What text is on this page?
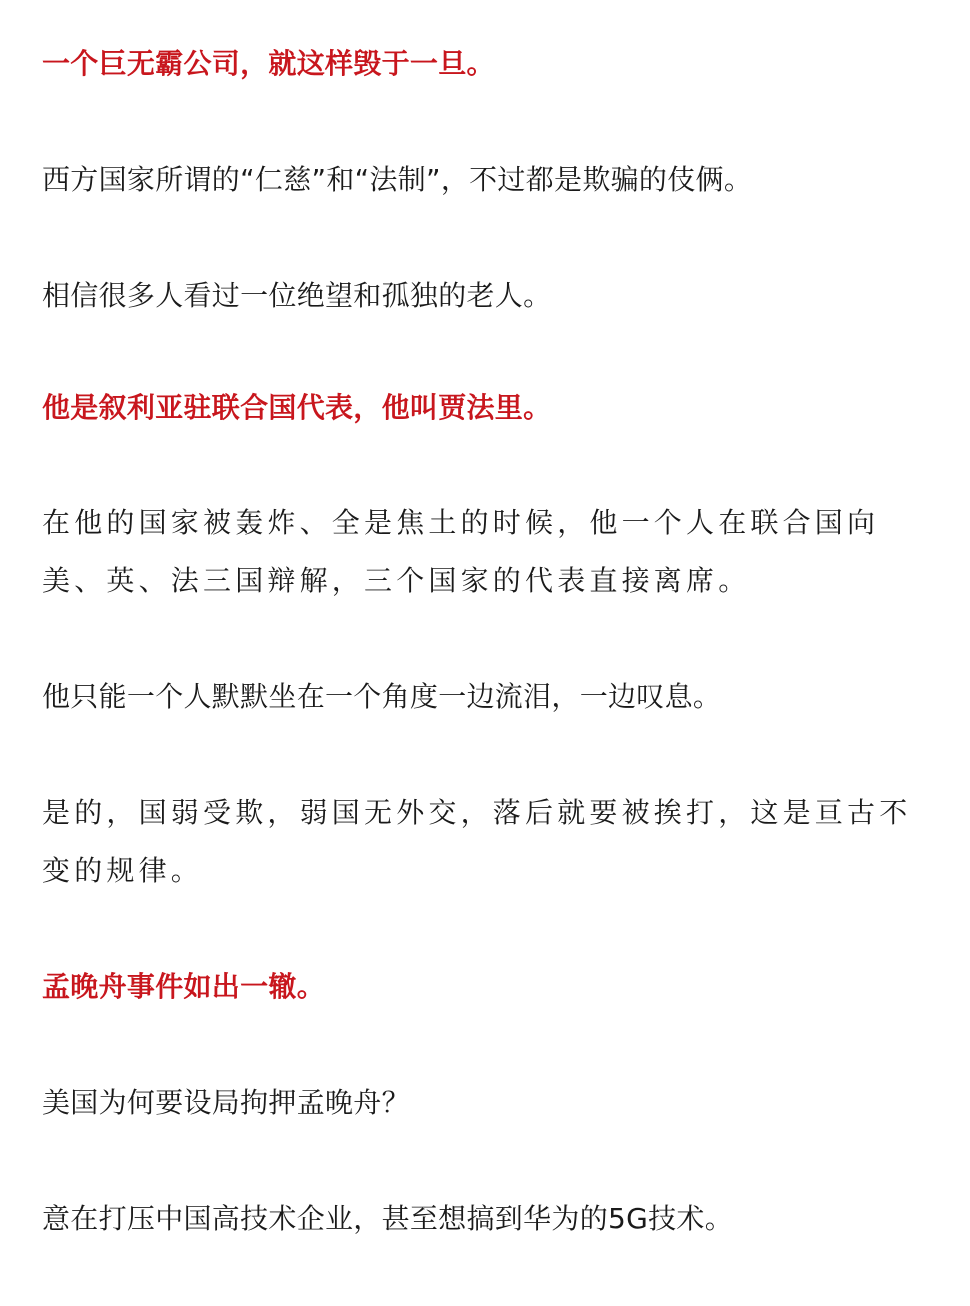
一个巨无霸公司，就这样毁于一旦。

西方国家所谓的“仁慈”和“法制”，不过都是欺骗的伎俩。

相信很多人看过一位绝望和孤独的老人。

他是叙利亚驻联合国代表，他叫贾法里。

在他的国家被轰炸、全是焦土的时候，他一个人在联合国向美、英、法三国辩解，三个国家的代表直接离席。

他只能一个人默默坐在一个角度一边流泪，一边叹息。

是的，国弱受欺，弱国无外交，落后就要被挨打，这是亘古不变的规律。

孟晚舟事件如出一辙。

美国为何要设局拘押孟晚舟？

意在打压中国高技术企业，甚至想搞到华为的5G技术。
